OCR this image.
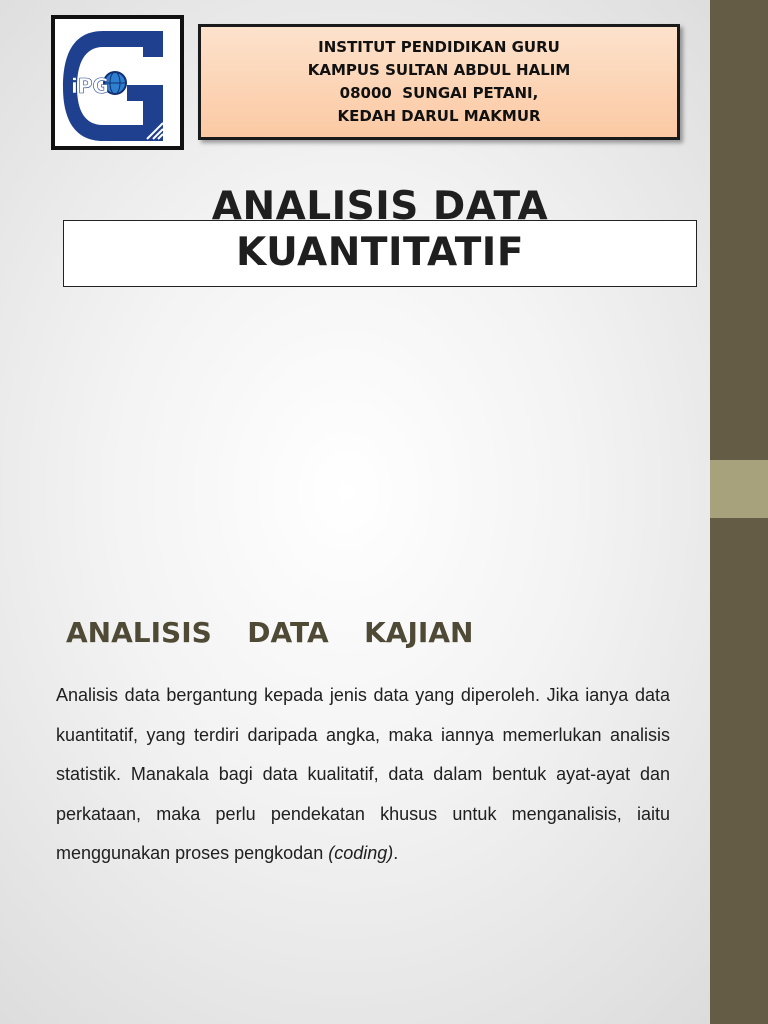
iPG
INSTITUT PENDIDIKAN GURU
KAMPUS SULTAN ABDUL HALIM
08000  SUNGAI PETANI,
KEDAH DARUL MAKMUR
ANALISIS DATA KUANTITATIF
ANALISIS  DATA  KAJIAN
Analisis data bergantung kepada jenis data yang diperoleh. Jika ianya data kuantitatif, yang terdiri daripada angka, maka iannya memerlukan analisis statistik. Manakala bagi data kualitatif, data dalam bentuk ayat-ayat dan perkataan, maka perlu pendekatan khusus untuk menganalisis, iaitu menggunakan proses pengkodan (coding).
